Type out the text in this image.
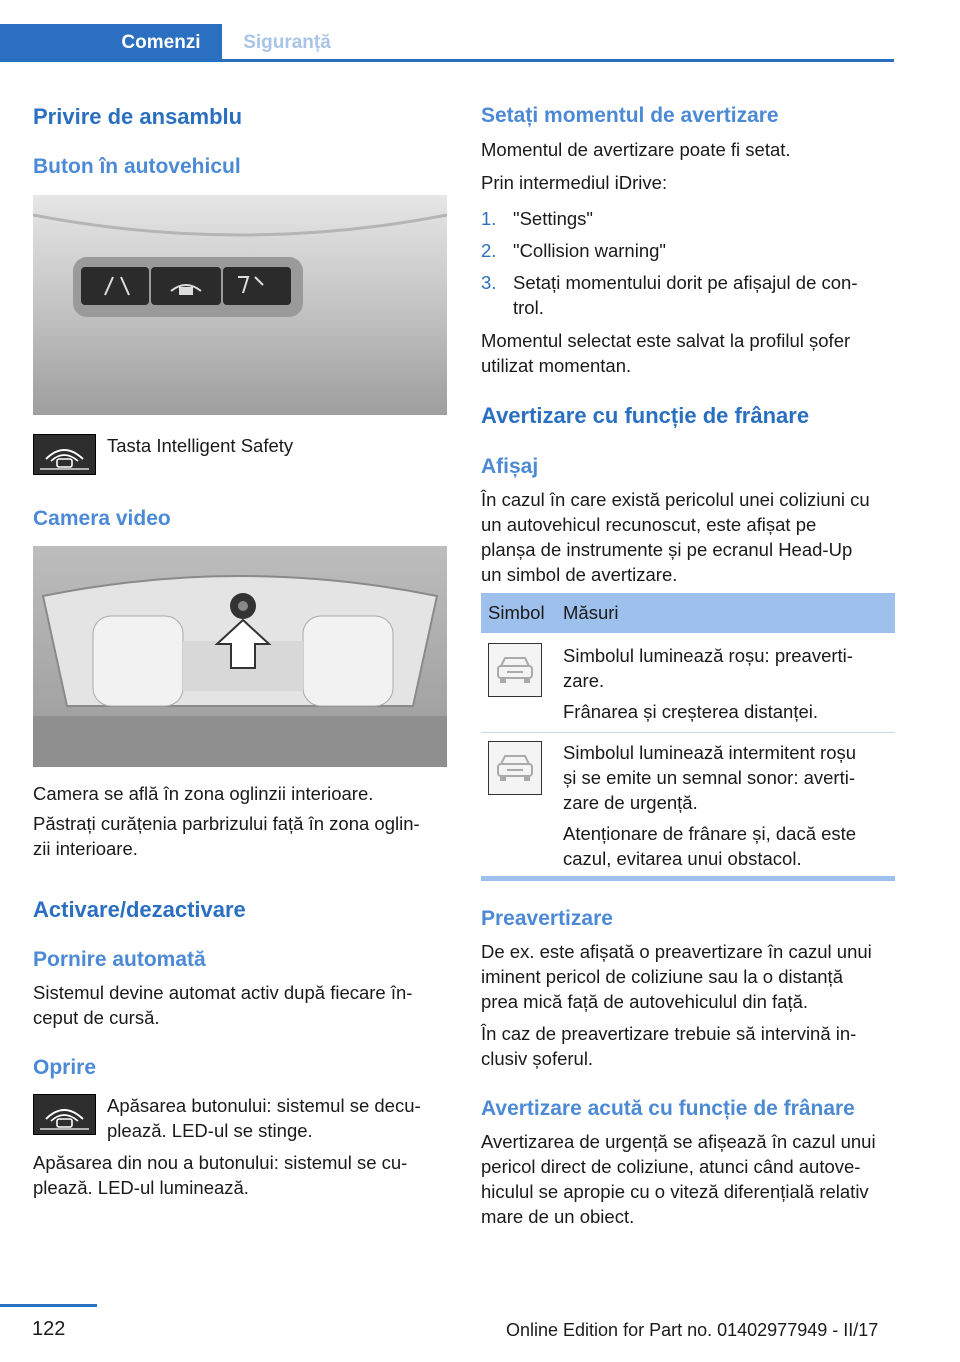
Comenzi	Siguranță
Privire de ansamblu
Buton în autovehicul

Tasta Intelligent Safety

Camera video

Camera se află în zona oglinzii interioare.

Păstrați curățenia parbrizului față în zona oglin‐

zii interioare.

Activare/dezactivare
Pornire automată

Sistemul devine automat activ după fiecare în‐

ceput de cursă.

Oprire

Apăsarea butonului: sistemul se decu‐

plează. LED-ul se stinge.

Apăsarea din nou a butonului: sistemul se cu‐

plează. LED-ul luminează.

Setați momentul de avertizare

Momentul de avertizare poate fi setat.

Prin intermediul iDrive:

1. "Settings"

2. "Collision warning"

3. Setați momentului dorit pe afișajul de con‐

trol.

Momentul selectat este salvat la profilul șofer

utilizat momentan.

Avertizare cu funcție de frânare
Afișaj

În cazul în care există pericolul unei coliziuni cu

un autovehicul recunoscut, este afișat pe

planșa de instrumente și pe ecranul Head-Up

un simbol de avertizare.

Simbol Măsuri

Simbolul luminează roșu: preaverti‐

zare.

Frânarea și creșterea distanței.

Simbolul luminează intermitent roșu

și se emite un semnal sonor: averti‐

zare de urgență.

Atenționare de frânare și, dacă este

cazul, evitarea unui obstacol.

Preavertizare

De ex. este afișată o preavertizare în cazul unui

iminent pericol de coliziune sau la o distanță

prea mică față de autovehiculul din față.

În caz de preavertizare trebuie să intervină in‐

clusiv șoferul.

Avertizare acută cu funcție de frânare

Avertizarea de urgență se afișează în cazul unui

pericol direct de coliziune, atunci când autove‐

hiculul se apropie cu o viteză diferențială relativ

mare de un obiect.

122	Online Edition for Part no. 01402977949 - II/17
